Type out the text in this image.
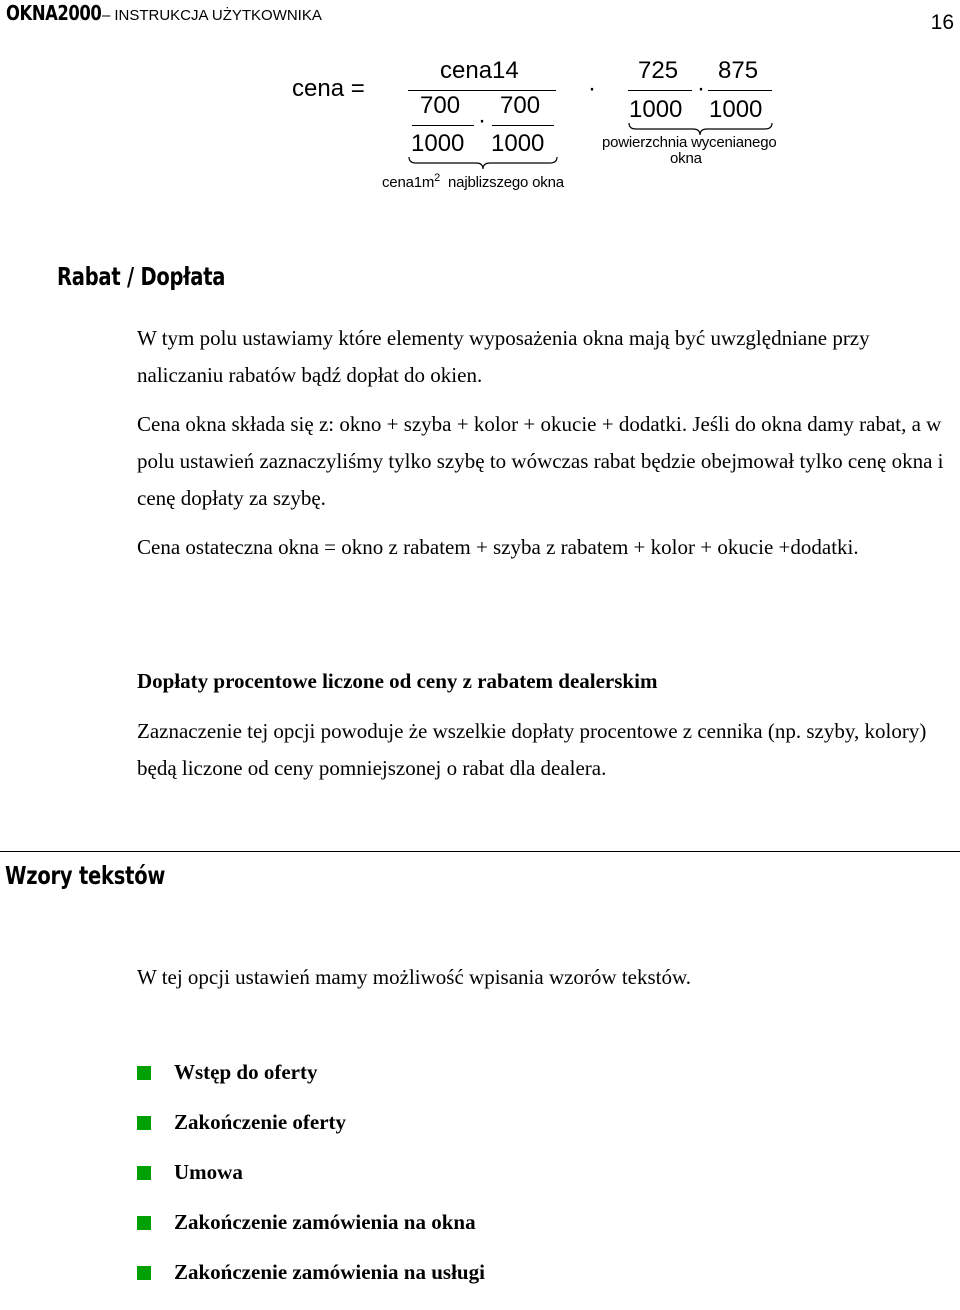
OKNA2000 – INSTRUKCJA UŻYTKOWNIKA	16
cena =
cena14
700
1000
·
700
1000
$cena1m^2$ najblizszego okna
·
725
1000
·
875
1000
powierzchnia wycenianego
okna
Rabat / Dopłata

W tym polu ustawiamy które elementy wyposażenia okna mają być uwzględniane przy naliczaniu rabatów bądź dopłat do okien.

Cena okna składa się z: okno + szyba + kolor + okucie + dodatki. Jeśli do okna damy rabat, a w polu ustawień zaznaczyliśmy tylko szybę to wówczas rabat będzie obejmował tylko cenę okna i cenę dopłaty za szybę.

Cena ostateczna okna = okno z rabatem + szyba z rabatem + kolor + okucie +dodatki.

Dopłaty procentowe liczone od ceny z rabatem dealerskim

Zaznaczenie tej opcji powoduje że wszelkie dopłaty procentowe z cennika (np. szyby, kolory) będą liczone od ceny pomniejszonej o rabat dla dealera.

Wzory tekstów

W tej opcji ustawień mamy możliwość wpisania wzorów tekstów.

Wstęp do oferty
Zakończenie oferty
Umowa
Zakończenie zamówienia na okna
Zakończenie zamówienia na usługi
